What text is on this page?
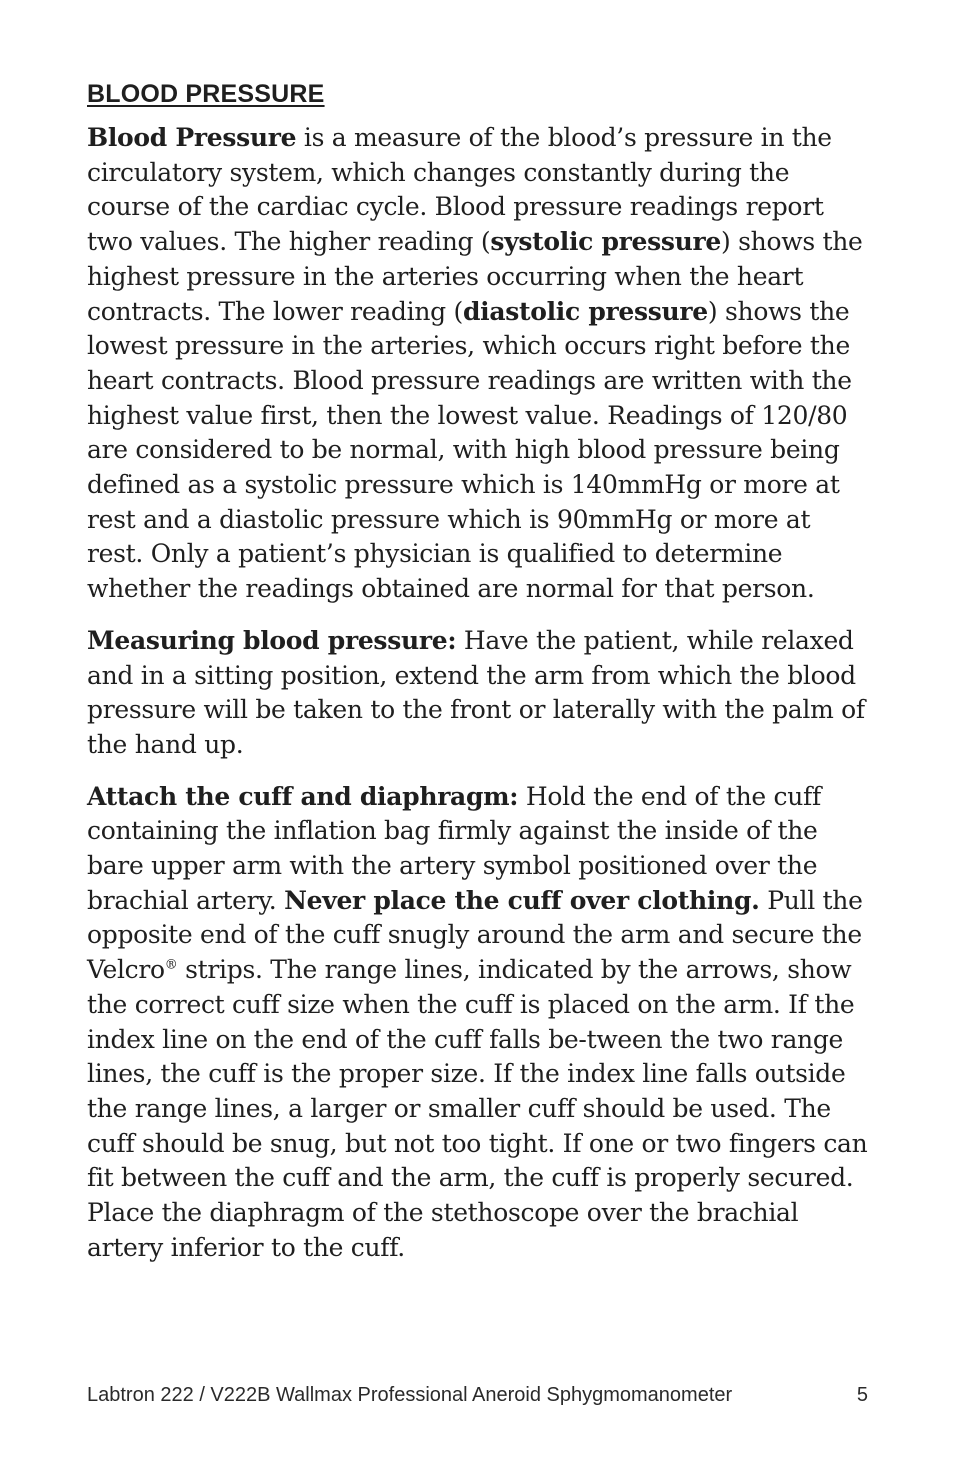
BLOOD PRESSURE

Blood Pressure is a measure of the blood’s pressure in the circulatory system, which changes constantly during the course of the cardiac cycle. Blood pressure readings report two values. The higher reading (systolic pressure) shows the highest pressure in the arteries occurring when the heart contracts. The lower reading (diastolic pressure) shows the lowest pressure in the arteries, which occurs right before the heart contracts. Blood pressure readings are written with the highest value first, then the lowest value. Readings of 120/80 are considered to be normal, with high blood pressure being defined as a systolic pressure which is 140mmHg or more at rest and a diastolic pressure which is 90mmHg or more at rest. Only a patient’s physician is qualified to determine whether the readings obtained are normal for that person.

Measuring blood pressure: Have the patient, while relaxed and in a sitting position, extend the arm from which the blood pressure will be taken to the front or laterally with the palm of the hand up.

Attach the cuff and diaphragm: Hold the end of the cuff containing the inflation bag firmly against the inside of the bare upper arm with the artery symbol positioned over the brachial artery. Never place the cuff over clothing. Pull the opposite end of the cuff snugly around the arm and secure the Velcro® strips. The range lines, indicated by the arrows, show the correct cuff size when the cuff is placed on the arm. If the index line on the end of the cuff falls be-tween the two range lines, the cuff is the proper size. If the index line falls outside the range lines, a larger or smaller cuff should be used. The cuff should be snug, but not too tight. If one or two fingers can fit between the cuff and the arm, the cuff is properly secured. Place the diaphragm of the stethoscope over the brachial artery inferior to the cuff.

Labtron 222 / V222B Wallmax Professional Aneroid Sphygmomanometer	5
